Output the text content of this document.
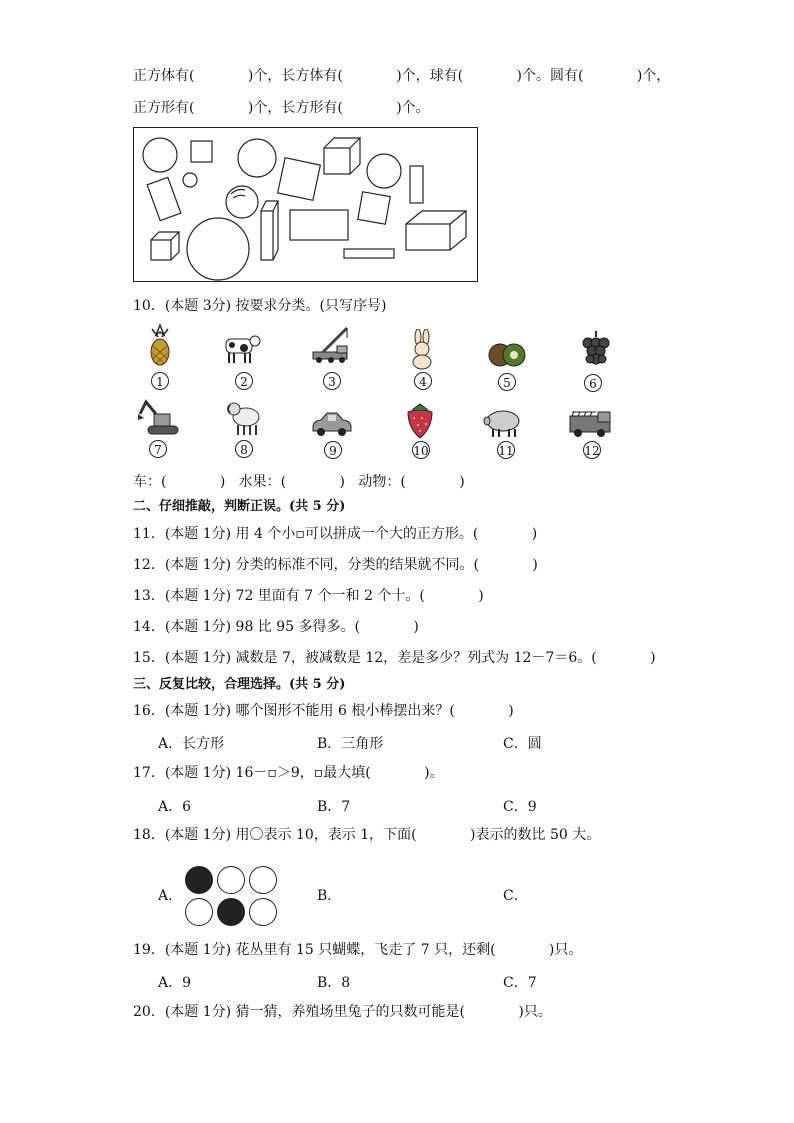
正方体有(            )个，长方体有(            )个，球有(            )个。圆有(            )个，
正方形有(            )个，长方形有(            )个。
10．(本题 3分) 按要求分类。(只写序号)
1	2	3	4	5	6
7	8	9	10	11	12
车：(            )   水果：(            )   动物：(            )
二、仔细推敲，判断正误。(共 5 分)
11．(本题 1分) 用 4 个小▫可以拼成一个大的正方形。(            )
12．(本题 1分) 分类的标准不同，分类的结果就不同。(            )
13．(本题 1分) 72 里面有 7 个一和 2 个十。(            )
14．(本题 1分) 98 比 95 多得多。(            )
15．(本题 1分) 减数是 7，被减数是 12，差是多少？列式为 12－7＝6。(            )
三、反复比较，合理选择。(共 5 分)
16．(本题 1分) 哪个图形不能用 6 根小棒摆出来？(            )
A．长方形	B．三角形	C．圆
17．(本题 1分) 16－▫＞9，▫最大填(            )。
A．6	B．7	C．9
18．(本题 1分) 用〇表示 10，表示 1，下面(            )表示的数比 50 大。
A．	B．	C．
19．(本题 1分) 花丛里有 15 只蝴蝶，飞走了 7 只，还剩(            )只。
A．9	B．8	C．7
20．(本题 1分) 猜一猜，养殖场里兔子的只数可能是(            )只。
